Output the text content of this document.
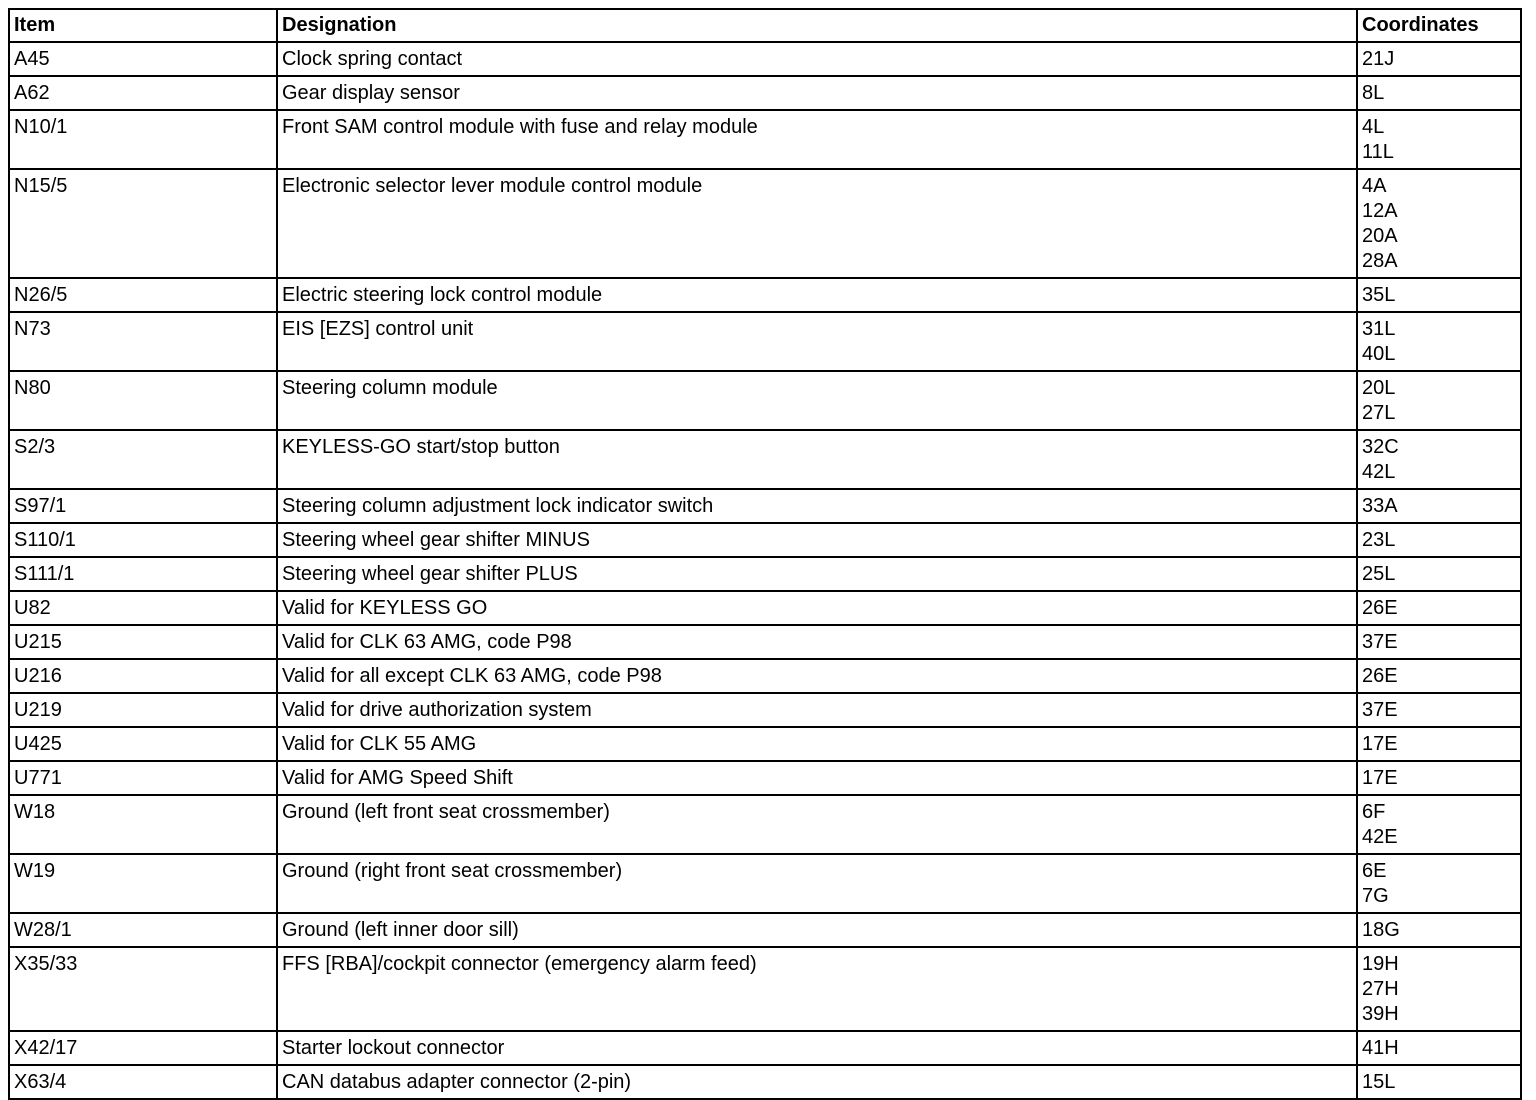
Item	Designation	Coordinates
A45	Clock spring contact	21J

A62	Gear display sensor	8L

N10/1	Front SAM control module with fuse and relay module	4L
11L

N15/5	Electronic selector lever module control module	4A
12A
20A
28A

N26/5	Electric steering lock control module	35L

N73	EIS [EZS] control unit	31L
40L

N80	Steering column module	20L
27L

S2/3	KEYLESS-GO start/stop button	32C
42L

S97/1	Steering column adjustment lock indicator switch	33A

S110/1	Steering wheel gear shifter MINUS	23L

S111/1	Steering wheel gear shifter PLUS	25L

U82	Valid for KEYLESS GO	26E

U215	Valid for CLK 63 AMG, code P98	37E

U216	Valid for all except CLK 63 AMG, code P98	26E

U219	Valid for drive authorization system	37E

U425	Valid for CLK 55 AMG	17E

U771	Valid for AMG Speed Shift	17E

W18	Ground (left front seat crossmember)	6F
42E

W19	Ground (right front seat crossmember)	6E
7G

W28/1	Ground (left inner door sill)	18G

X35/33	FFS [RBA]/cockpit connector (emergency alarm feed)	19H
27H
39H

X42/17	Starter lockout connector	41H

X63/4	CAN databus adapter connector (2-pin)	15L
